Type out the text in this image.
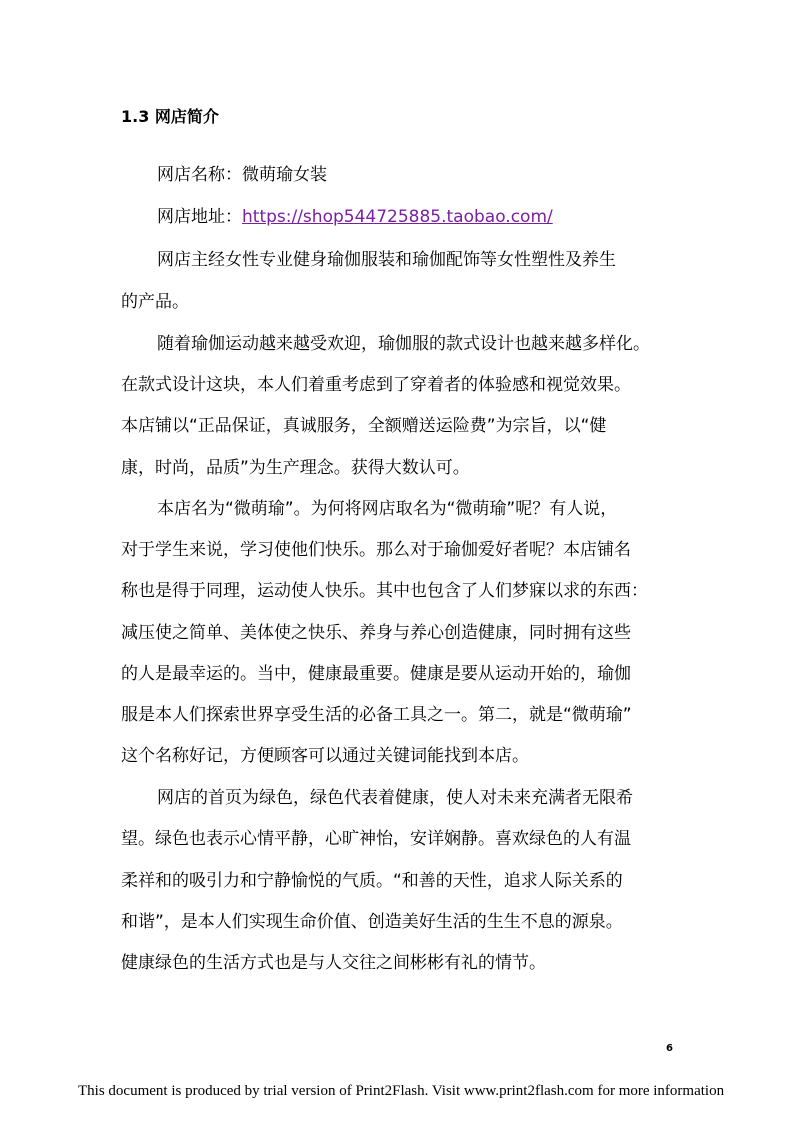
1.3 网店简介
网店名称：微萌瑜女装
网店地址：https://shop544725885.taobao.com/
网店主经女性专业健身瑜伽服装和瑜伽配饰等女性塑性及养生
的产品。
随着瑜伽运动越来越受欢迎，瑜伽服的款式设计也越来越多样化。
在款式设计这块，本人们着重考虑到了穿着者的体验感和视觉效果。
本店铺以“正品保证，真诚服务，全额赠送运险费”为宗旨，以“健
康，时尚，品质”为生产理念。获得大数认可。
本店名为“微萌瑜”。为何将网店取名为“微萌瑜”呢？有人说，
对于学生来说，学习使他们快乐。那么对于瑜伽爱好者呢？本店铺名
称也是得于同理，运动使人快乐。其中也包含了人们梦寐以求的东西：
减压使之简单、美体使之快乐、养身与养心创造健康，同时拥有这些
的人是最幸运的。当中，健康最重要。健康是要从运动开始的，瑜伽
服是本人们探索世界享受生活的必备工具之一。第二，就是“微萌瑜”
这个名称好记，方便顾客可以通过关键词能找到本店。
网店的首页为绿色，绿色代表着健康，使人对未来充满者无限希
望。绿色也表示心情平静，心旷神怡，安详娴静。喜欢绿色的人有温
柔祥和的吸引力和宁静愉悦的气质。“和善的天性，追求人际关系的
和谐”，是本人们实现生命价值、创造美好生活的生生不息的源泉。
健康绿色的生活方式也是与人交往之间彬彬有礼的情节。
6
This document is produced by trial version of Print2Flash. Visit www.print2flash.com for more information
